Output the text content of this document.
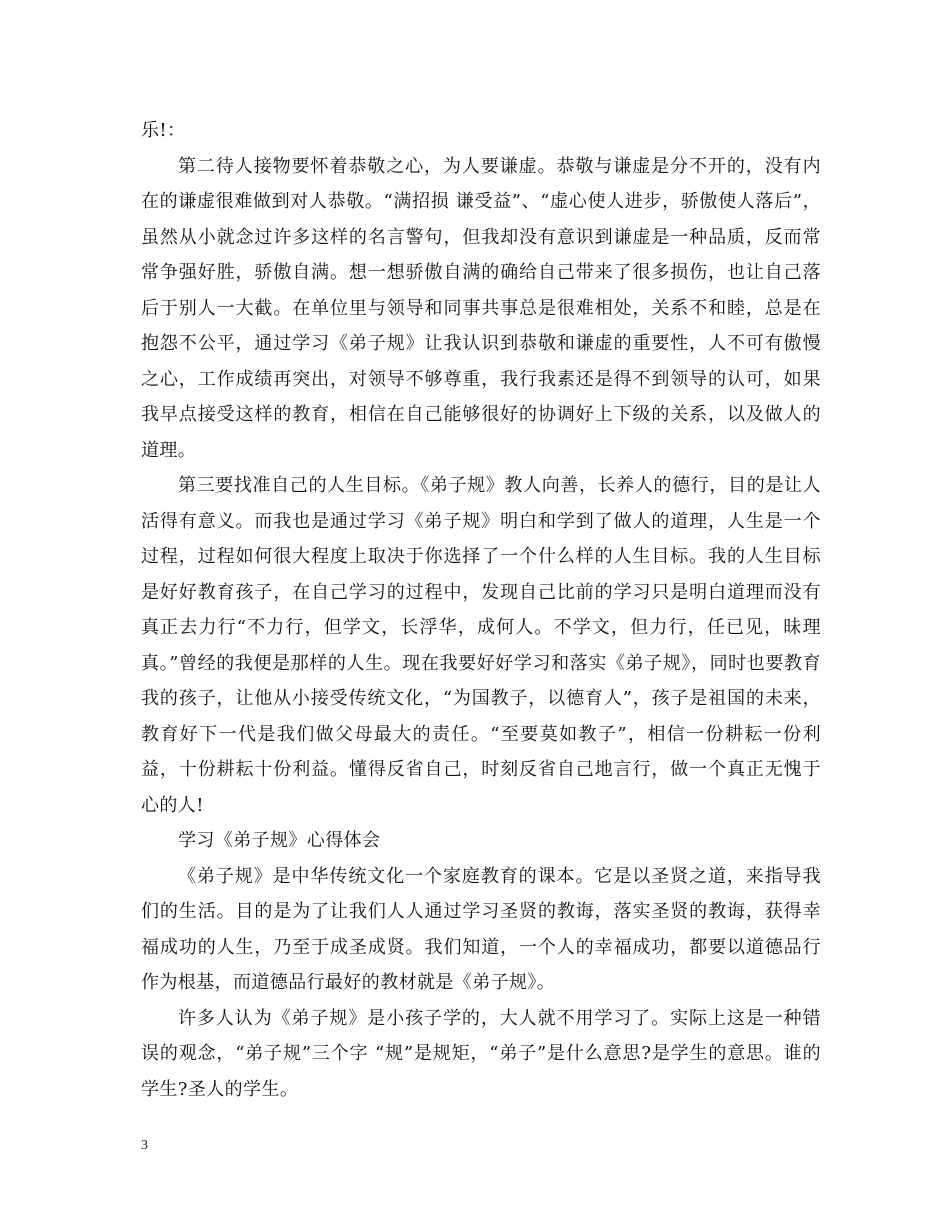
乐!：

第二待人接物要怀着恭敬之心，为人要谦虚。恭敬与谦虚是分不开的，没有内在的谦虚很难做到对人恭敬。“满招损 谦受益”、“虚心使人进步，骄傲使人落后”，虽然从小就念过许多这样的名言警句，但我却没有意识到谦虚是一种品质，反而常常争强好胜，骄傲自满。想一想骄傲自满的确给自己带来了很多损伤，也让自己落后于别人一大截。在单位里与领导和同事共事总是很难相处，关系不和睦，总是在抱怨不公平，通过学习《弟子规》让我认识到恭敬和谦虚的重要性，人不可有傲慢之心，工作成绩再突出，对领导不够尊重，我行我素还是得不到领导的认可，如果我早点接受这样的教育，相信在自己能够很好的协调好上下级的关系，以及做人的道理。

第三要找准自己的人生目标。《弟子规》教人向善，长养人的德行，目的是让人活得有意义。而我也是通过学习《弟子规》明白和学到了做人的道理，人生是一个过程，过程如何很大程度上取决于你选择了一个什么样的人生目标。我的人生目标是好好教育孩子，在自己学习的过程中，发现自己比前的学习只是明白道理而没有真正去力行“不力行，但学文，长浮华，成何人。不学文，但力行，任已见，昧理真。”曾经的我便是那样的人生。现在我要好好学习和落实《弟子规》，同时也要教育我的孩子，让他从小接受传统文化，“为国教子，以德育人”，孩子是祖国的未来，教育好下一代是我们做父母最大的责任。“至要莫如教子”，相信一份耕耘一份利益，十份耕耘十份利益。懂得反省自己，时刻反省自己地言行，做一个真正无愧于心的人!

学习《弟子规》心得体会

《弟子规》是中华传统文化一个家庭教育的课本。它是以圣贤之道，来指导我们的生活。目的是为了让我们人人通过学习圣贤的教诲，落实圣贤的教诲，获得幸福成功的人生，乃至于成圣成贤。我们知道，一个人的幸福成功，都要以道德品行作为根基，而道德品行最好的教材就是《弟子规》。

许多人认为《弟子规》是小孩子学的，大人就不用学习了。实际上这是一种错误的观念，“弟子规”三个字 “规”是规矩，“弟子”是什么意思?是学生的意思。谁的学生?圣人的学生。

3
